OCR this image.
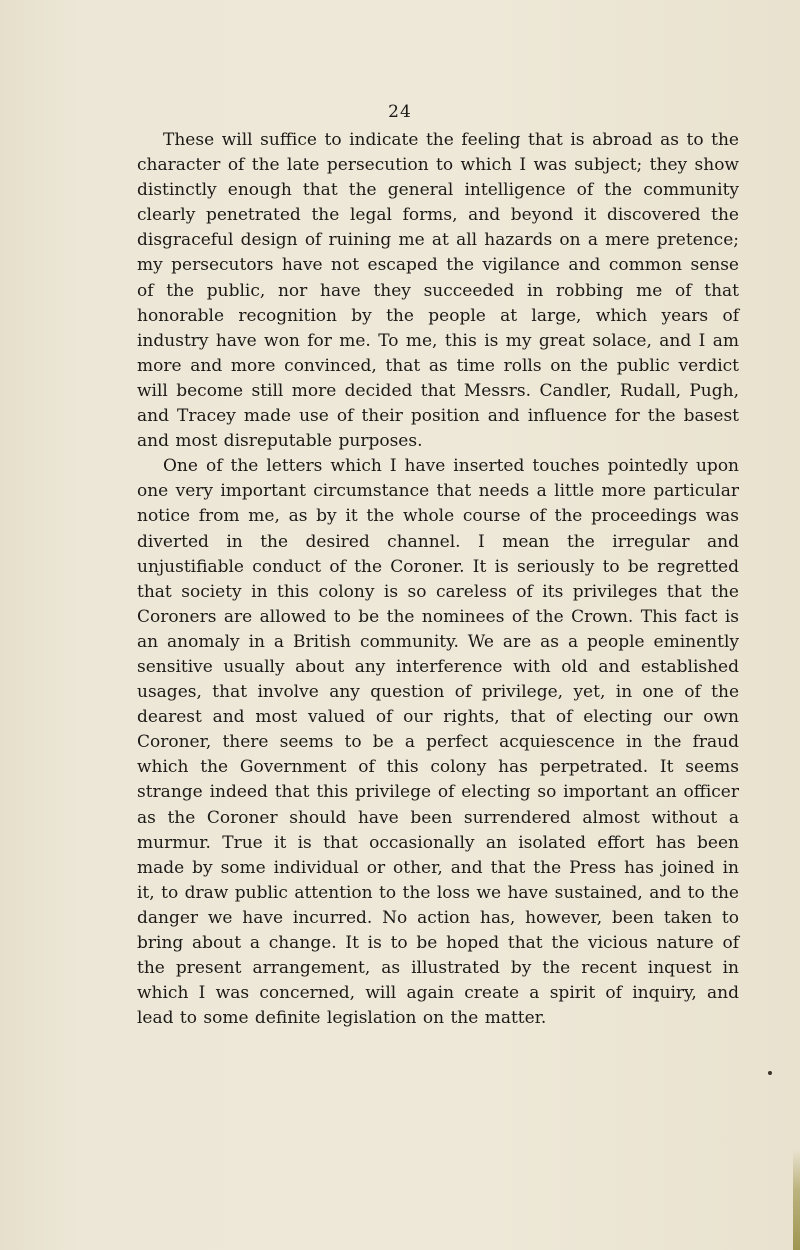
24

These will suffice to indicate the feeling that is abroad as to the character of the late persecution to which I was subject; they show distinctly enough that the general intelligence of the community clearly penetrated the legal forms, and beyond it discovered the disgraceful design of ruining me at all hazards on a mere pretence; my persecutors have not escaped the vigilance and common sense of the public, nor have they succeeded in robbing me of that honorable recognition by the people at large, which years of industry have won for me. To me, this is my great solace, and I am more and more convinced, that as time rolls on the public verdict will become still more decided that Messrs. Candler, Rudall, Pugh, and Tracey made use of their position and influence for the basest and most disreputable purposes.

One of the letters which I have inserted touches pointedly upon one very important circumstance that needs a little more particular notice from me, as by it the whole course of the proceedings was diverted in the desired channel. I mean the irregular and unjustifiable conduct of the Coroner. It is seriously to be regretted that society in this colony is so careless of its privileges that the Coroners are allowed to be the nominees of the Crown. This fact is an anomaly in a British community. We are as a people eminently sensitive usually about any interference with old and established usages, that involve any question of privilege, yet, in one of the dearest and most valued of our rights, that of electing our own Coroner, there seems to be a perfect acquiescence in the fraud which the Government of this colony has perpetrated. It seems strange indeed that this privilege of electing so important an officer as the Coroner should have been surrendered almost without a murmur. True it is that occasionally an isolated effort has been made by some individual or other, and that the Press has joined in it, to draw public attention to the loss we have sustained, and to the danger we have incurred. No action has, however, been taken to bring about a change. It is to be hoped that the vicious nature of the present arrangement, as illustrated by the recent inquest in which I was concerned, will again create a spirit of inquiry, and lead to some definite legislation on the matter.
